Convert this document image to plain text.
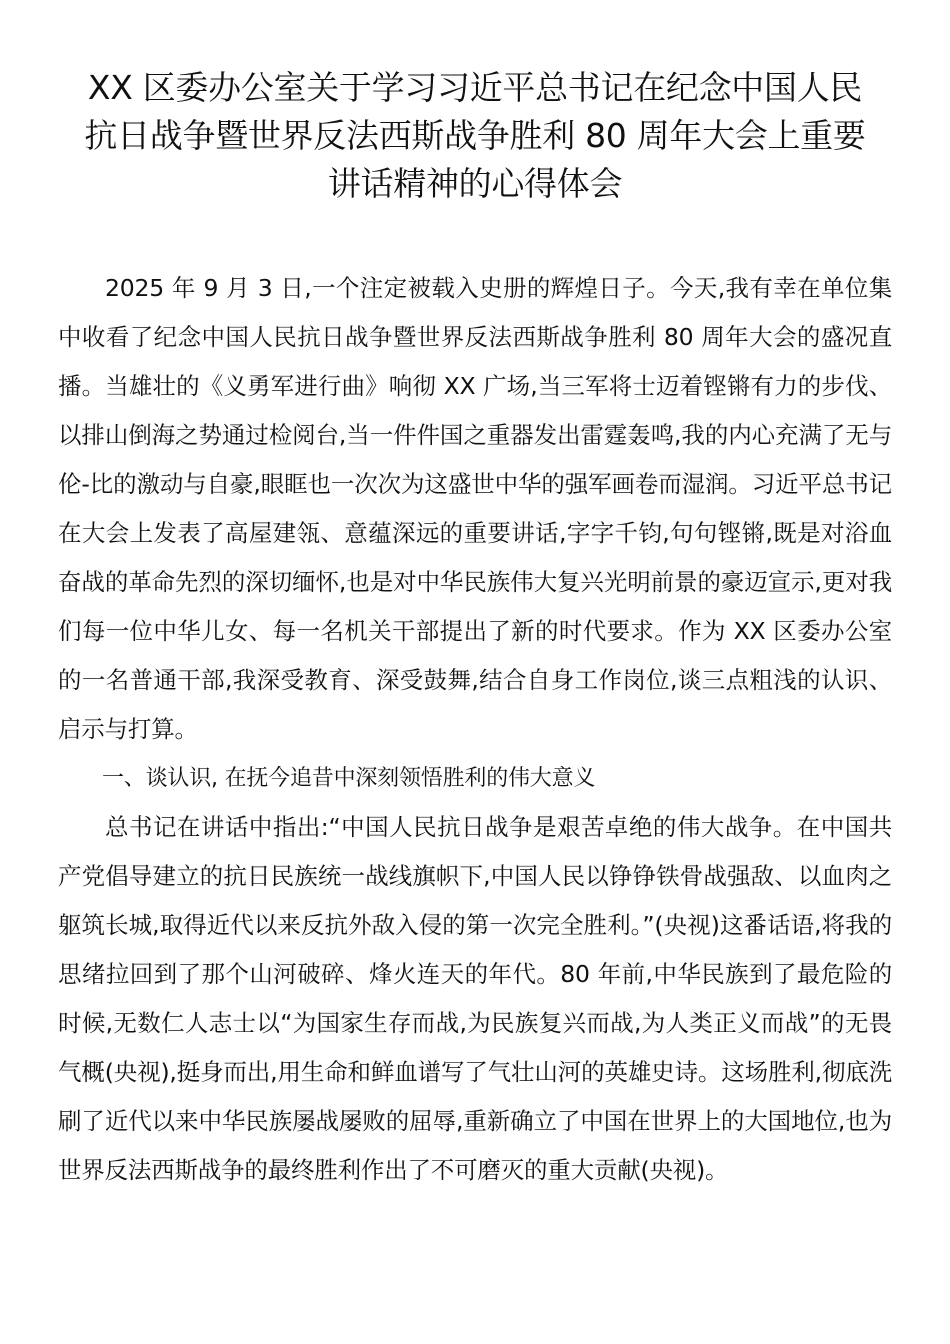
XX 区委办公室关于学习习近平总书记在纪念中国人民
抗日战争暨世界反法西斯战争胜利 80 周年大会上重要
讲话精神的心得体会

2025 年 9 月 3 日,一个注定被载入史册的辉煌日子。今天,我有幸在单位集中收看了纪念中国人民抗日战争暨世界反法西斯战争胜利 80 周年大会的盛况直播。当雄壮的《义勇军进行曲》响彻 XX 广场,当三军将士迈着铿锵有力的步伐、以排山倒海之势通过检阅台,当一件件国之重器发出雷霆轰鸣,我的内心充满了无与伦-比的激动与自豪,眼眶也一次次为这盛世中华的强军画卷而湿润。习近平总书记在大会上发表了高屋建瓴、意蕴深远的重要讲话,字字千钧,句句铿锵,既是对浴血奋战的革命先烈的深切缅怀,也是对中华民族伟大复兴光明前景的豪迈宣示,更对我们每一位中华儿女、每一名机关干部提出了新的时代要求。作为 XX 区委办公室的一名普通干部,我深受教育、深受鼓舞,结合自身工作岗位,谈三点粗浅的认识、启示与打算。

一、谈认识, 在抚今追昔中深刻领悟胜利的伟大意义

总书记在讲话中指出:“中国人民抗日战争是艰苦卓绝的伟大战争。在中国共产党倡导建立的抗日民族统一战线旗帜下,中国人民以铮铮铁骨战强敌、以血肉之躯筑长城,取得近代以来反抗外敌入侵的第一次完全胜利。”(央视)这番话语,将我的思绪拉回到了那个山河破碎、烽火连天的年代。80 年前,中华民族到了最危险的时候,无数仁人志士以“为国家生存而战,为民族复兴而战,为人类正义而战”的无畏气概(央视),挺身而出,用生命和鲜血谱写了气壮山河的英雄史诗。这场胜利,彻底洗刷了近代以来中华民族屡战屡败的屈辱,重新确立了中国在世界上的大国地位,也为世界反法西斯战争的最终胜利作出了不可磨灭的重大贡献(央视)。
